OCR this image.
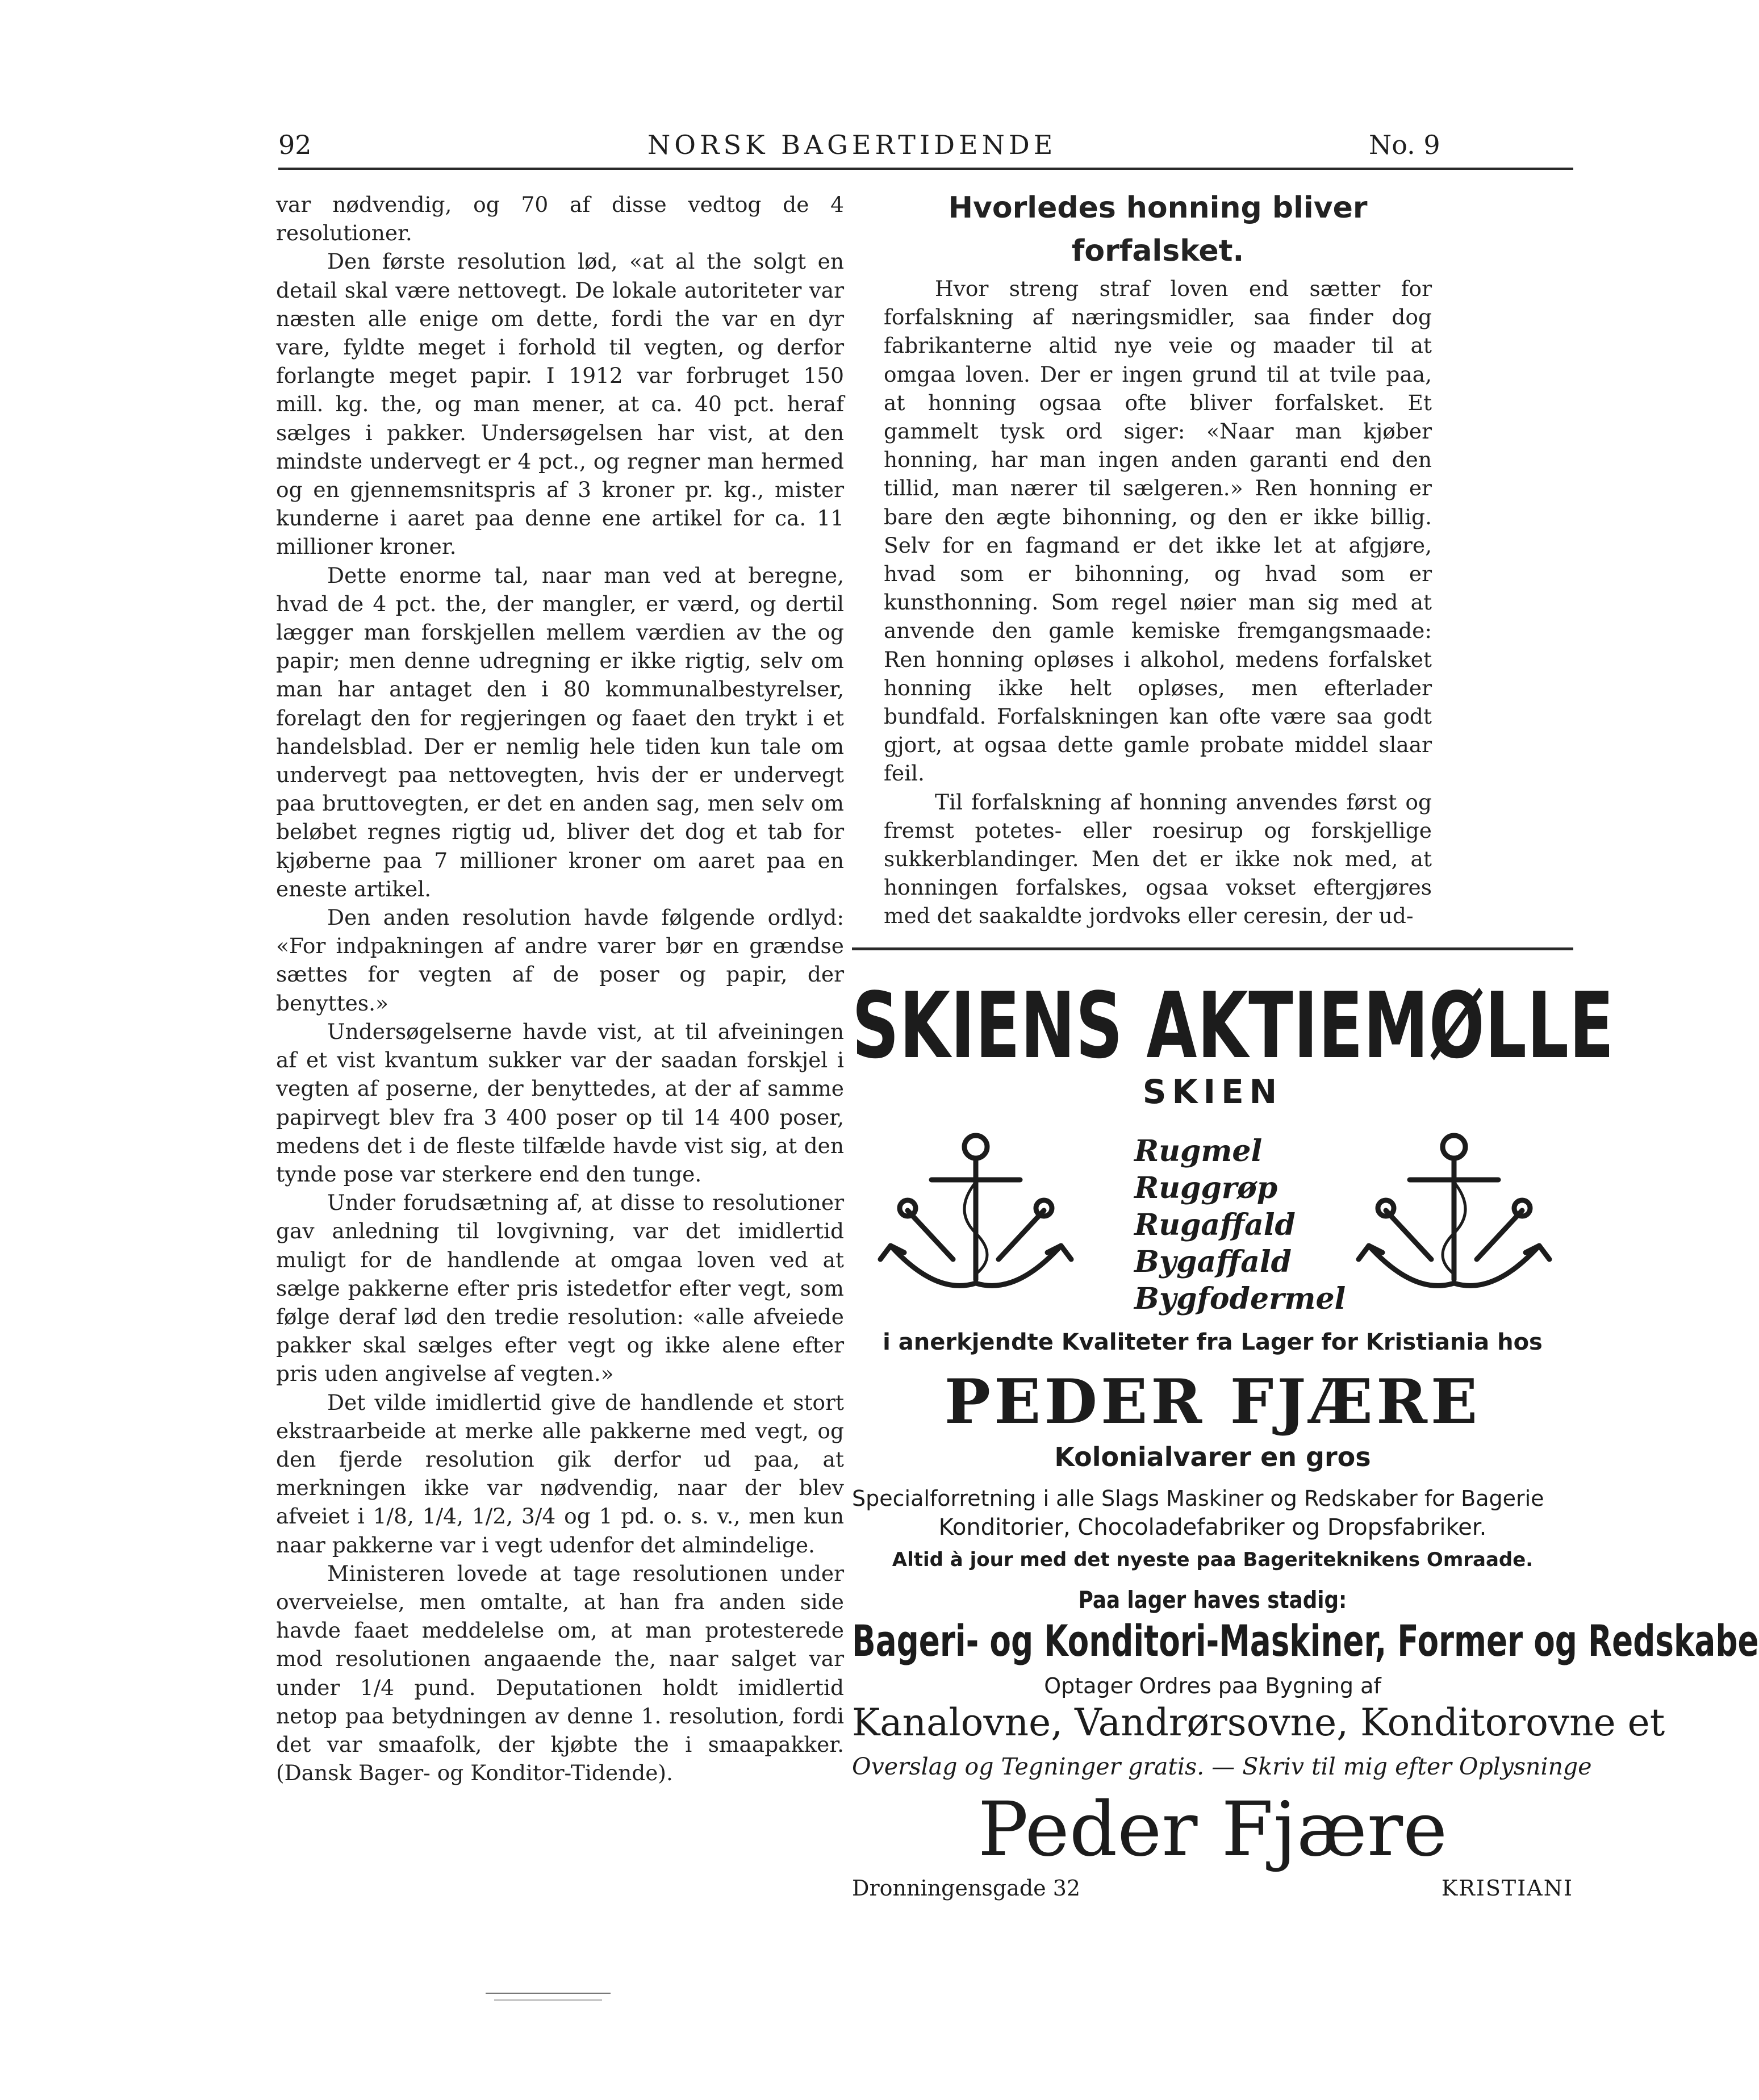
92	NORSK BAGERTIDENDE	No. 9

var nødvendig, og 70 af disse vedtog de 4 resolutioner.

Den første resolution lød, «at al the solgt en detail skal være nettovegt. De lokale autoriteter var næsten alle enige om dette, fordi the var en dyr vare, fyldte meget i forhold til vegten, og derfor forlangte meget papir. I 1912 var forbruget 150 mill. kg. the, og man mener, at ca. 40 pct. heraf sælges i pakker. Undersøgelsen har vist, at den mindste undervegt er 4 pct., og regner man hermed og en gjennemsnitspris af 3 kroner pr. kg., mister kunderne i aaret paa denne ene artikel for ca. 11 millioner kroner.

Dette enorme tal, naar man ved at beregne, hvad de 4 pct. the, der mangler, er værd, og dertil lægger man forskjellen mellem værdien av the og papir; men denne udregning er ikke rigtig, selv om man har antaget den i 80 kommunalbestyrelser, forelagt den for regjeringen og faaet den trykt i et handelsblad. Der er nemlig hele tiden kun tale om undervegt paa nettovegten, hvis der er undervegt paa bruttovegten, er det en anden sag, men selv om beløbet regnes rigtig ud, bliver det dog et tab for kjøberne paa 7 millioner kroner om aaret paa en eneste artikel.

Den anden resolution havde følgende ordlyd: «For indpakningen af andre varer bør en grændse sættes for vegten af de poser og papir, der benyttes.»

Undersøgelserne havde vist, at til afveiningen af et vist kvantum sukker var der saadan forskjel i vegten af poserne, der benyttedes, at der af samme papirvegt blev fra 3 400 poser op til 14 400 poser, medens det i de fleste tilfælde havde vist sig, at den tynde pose var sterkere end den tunge.

Under forudsætning af, at disse to resolutioner gav anledning til lovgivning, var det imidlertid muligt for de handlende at omgaa loven ved at sælge pakkerne efter pris istedetfor efter vegt, som følge deraf lød den tredie resolution: «alle afveiede pakker skal sælges efter vegt og ikke alene efter pris uden angivelse af vegten.»

Det vilde imidlertid give de handlende et stort ekstraarbeide at merke alle pakkerne med vegt, og den fjerde resolution gik derfor ud paa, at merkningen ikke var nødvendig, naar der blev afveiet i 1/8, 1/4, 1/2, 3/4 og 1 pd. o. s. v., men kun naar pakkerne var i vegt udenfor det almindelige.

Ministeren lovede at tage resolutionen under overveielse, men omtalte, at han fra anden side havde faaet meddelelse om, at man protesterede mod resolutionen angaaende the, naar salget var under 1/4 pund. Deputationen holdt imidlertid netop paa betydningen av denne 1. resolution, fordi det var smaafolk, der kjøbte the i smaapakker. (Dansk Bager- og Konditor-Tidende).

Hvorledes honning bliver forfalsket.

Hvor streng straf loven end sætter for forfalskning af næringsmidler, saa finder dog fabrikanterne altid nye veie og maader til at omgaa loven. Der er ingen grund til at tvile paa, at honning ogsaa ofte bliver forfalsket. Et gammelt tysk ord siger: «Naar man kjøber honning, har man ingen anden garanti end den tillid, man nærer til sælgeren.» Ren honning er bare den ægte bihonning, og den er ikke billig. Selv for en fagmand er det ikke let at afgjøre, hvad som er bihonning, og hvad som er kunsthonning. Som regel nøier man sig med at anvende den gamle kemiske fremgangsmaade: Ren honning opløses i alkohol, medens forfalsket honning ikke helt opløses, men efterlader bundfald. Forfalskningen kan ofte være saa godt gjort, at ogsaa dette gamle probate middel slaar feil.

Til forfalskning af honning anvendes først og fremst potetes- eller roesirup og forskjellige sukkerblandinger. Men det er ikke nok med, at honningen forfalskes, ogsaa vokset eftergjøres med det saakaldte jordvoks eller ceresin, der ud-

SKIENS AKTIEMØLLE
SKIEN
Rugmel
Ruggrøp
Rugaffald
Bygaffald
Bygfodermel
i anerkjendte Kvaliteter fra Lager for Kristiania hos
PEDER FJÆRE
Kolonialvarer en gros
Specialforretning i alle Slags Maskiner og Redskaber for Bagerie
Konditorier, Chocoladefabriker og Dropsfabriker.
Altid à jour med det nyeste paa Bageriteknikens Omraade.
Paa lager haves stadig:
Bageri- og Konditori-Maskiner, Former og Redskabe
Optager Ordres paa Bygning af
Kanalovne, Vandrørsovne, Konditorovne et
Overslag og Tegninger gratis. — Skriv til mig efter Oplysninge
Peder Fjære
Dronningensgade 32	KRISTIANI
